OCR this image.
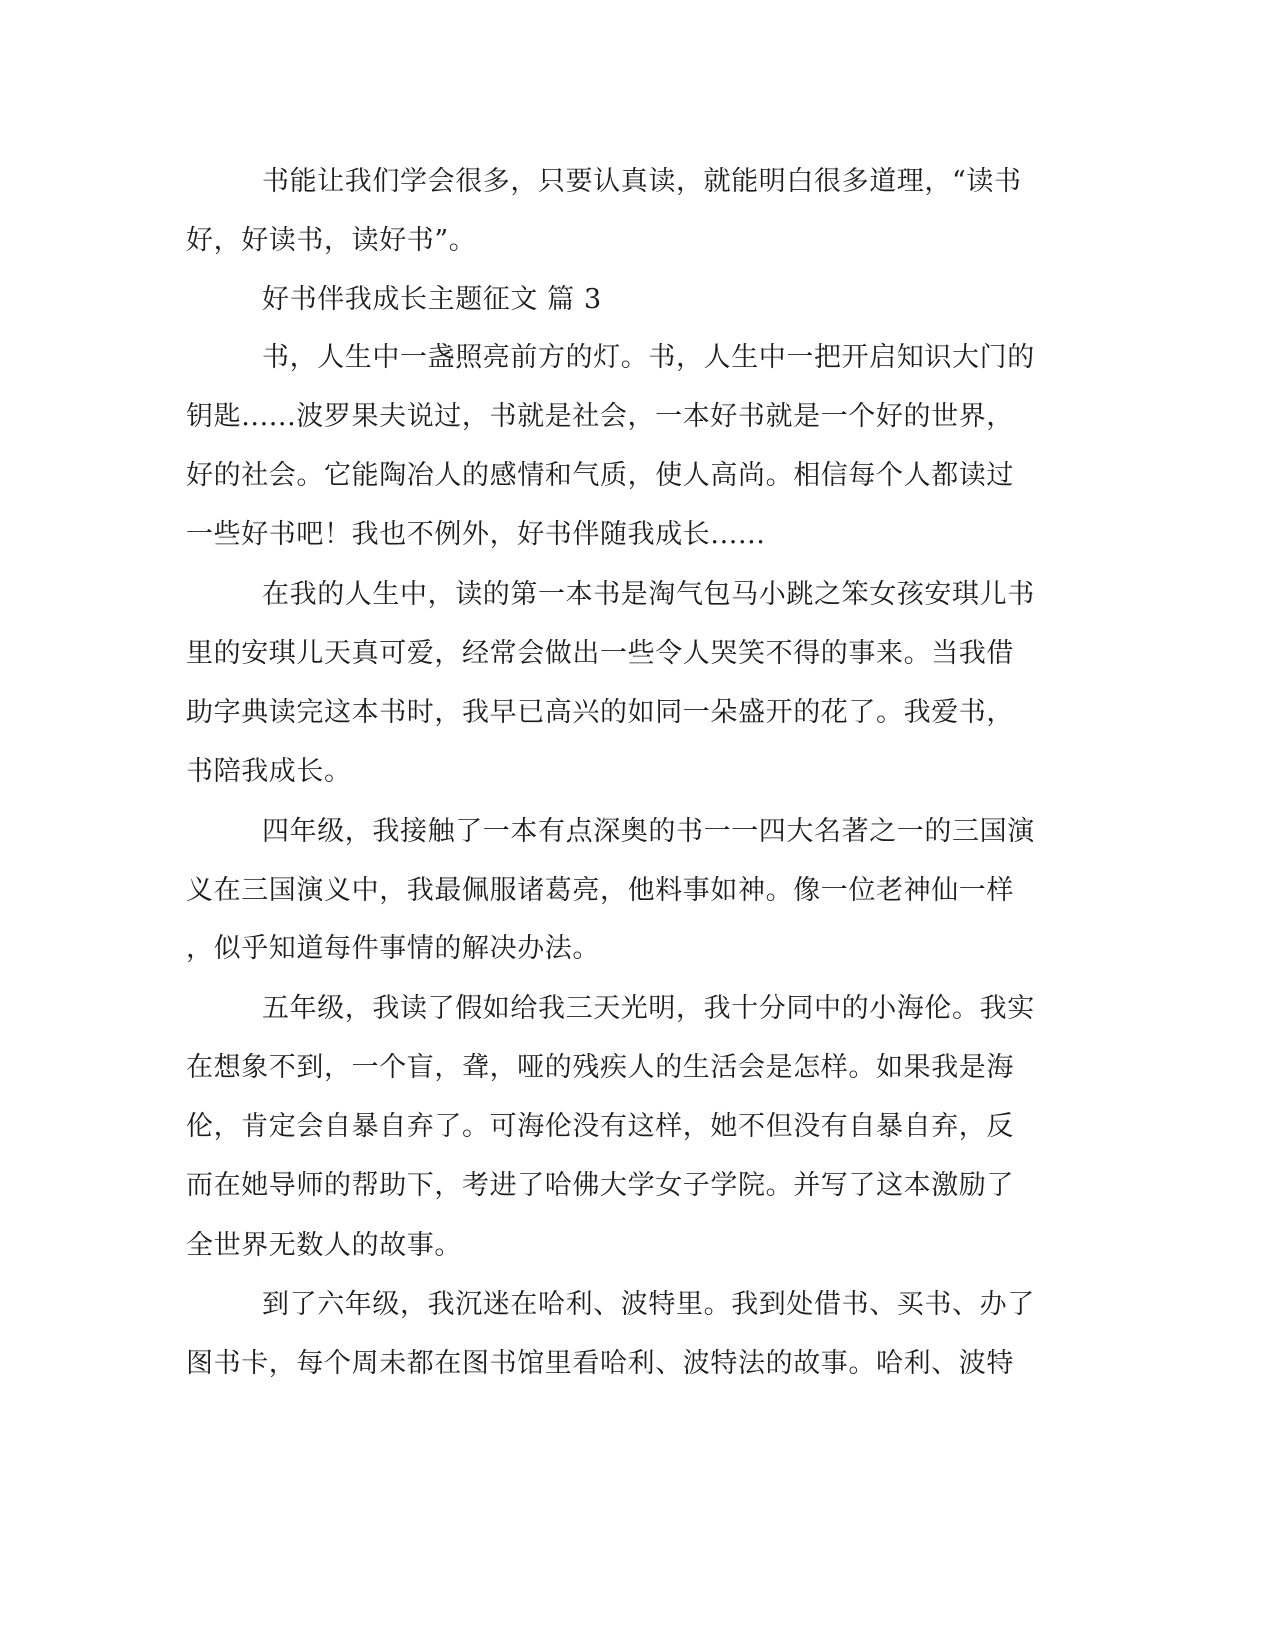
书能让我们学会很多，只要认真读，就能明白很多道理，“读书
好，好读书，读好书”。
好书伴我成长主题征文 篇 3
书，人生中一盏照亮前方的灯。书，人生中一把开启知识大门的
钥匙......波罗果夫说过，书就是社会，一本好书就是一个好的世界，
好的社会。它能陶冶人的感情和气质，使人高尚。相信每个人都读过
一些好书吧！我也不例外，好书伴随我成长......
在我的人生中，读的第一本书是淘气包马小跳之笨女孩安琪儿书
里的安琪儿天真可爱，经常会做出一些令人哭笑不得的事来。当我借
助字典读完这本书时，我早已高兴的如同一朵盛开的花了。我爱书，
书陪我成长。
四年级，我接触了一本有点深奥的书一一四大名著之一的三国演
义在三国演义中，我最佩服诸葛亮，他料事如神。像一位老神仙一样
，似乎知道每件事情的解决办法。
五年级，我读了假如给我三天光明，我十分同中的小海伦。我实
在想象不到，一个盲，聋，哑的残疾人的生活会是怎样。如果我是海
伦，肯定会自暴自弃了。可海伦没有这样，她不但没有自暴自弃，反
而在她导师的帮助下，考进了哈佛大学女子学院。并写了这本激励了
全世界无数人的故事。
到了六年级，我沉迷在哈利、波特里。我到处借书、买书、办了
图书卡，每个周未都在图书馆里看哈利、波特法的故事。哈利、波特
